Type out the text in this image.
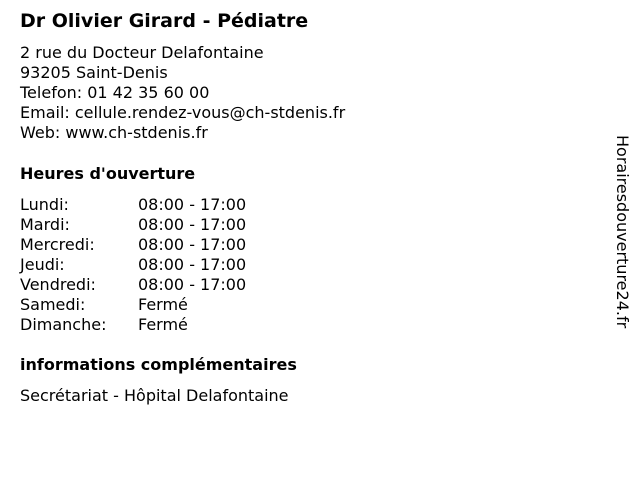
Dr Olivier Girard - Pédiatre
2 rue du Docteur Delafontaine
93205 Saint-Denis
Telefon: 01 42 35 60 00
Email: cellule.rendez-vous@ch-stdenis.fr
Web: www.ch-stdenis.fr
Heures d'ouverture
Lundi:	08:00 - 17:00
Mardi:	08:00 - 17:00
Mercredi:	08:00 - 17:00
Jeudi:	08:00 - 17:00
Vendredi:	08:00 - 17:00
Samedi:	Fermé
Dimanche:	Fermé
informations complémentaires
Secrétariat - Hôpital Delafontaine
Horairesdouverture24.fr
